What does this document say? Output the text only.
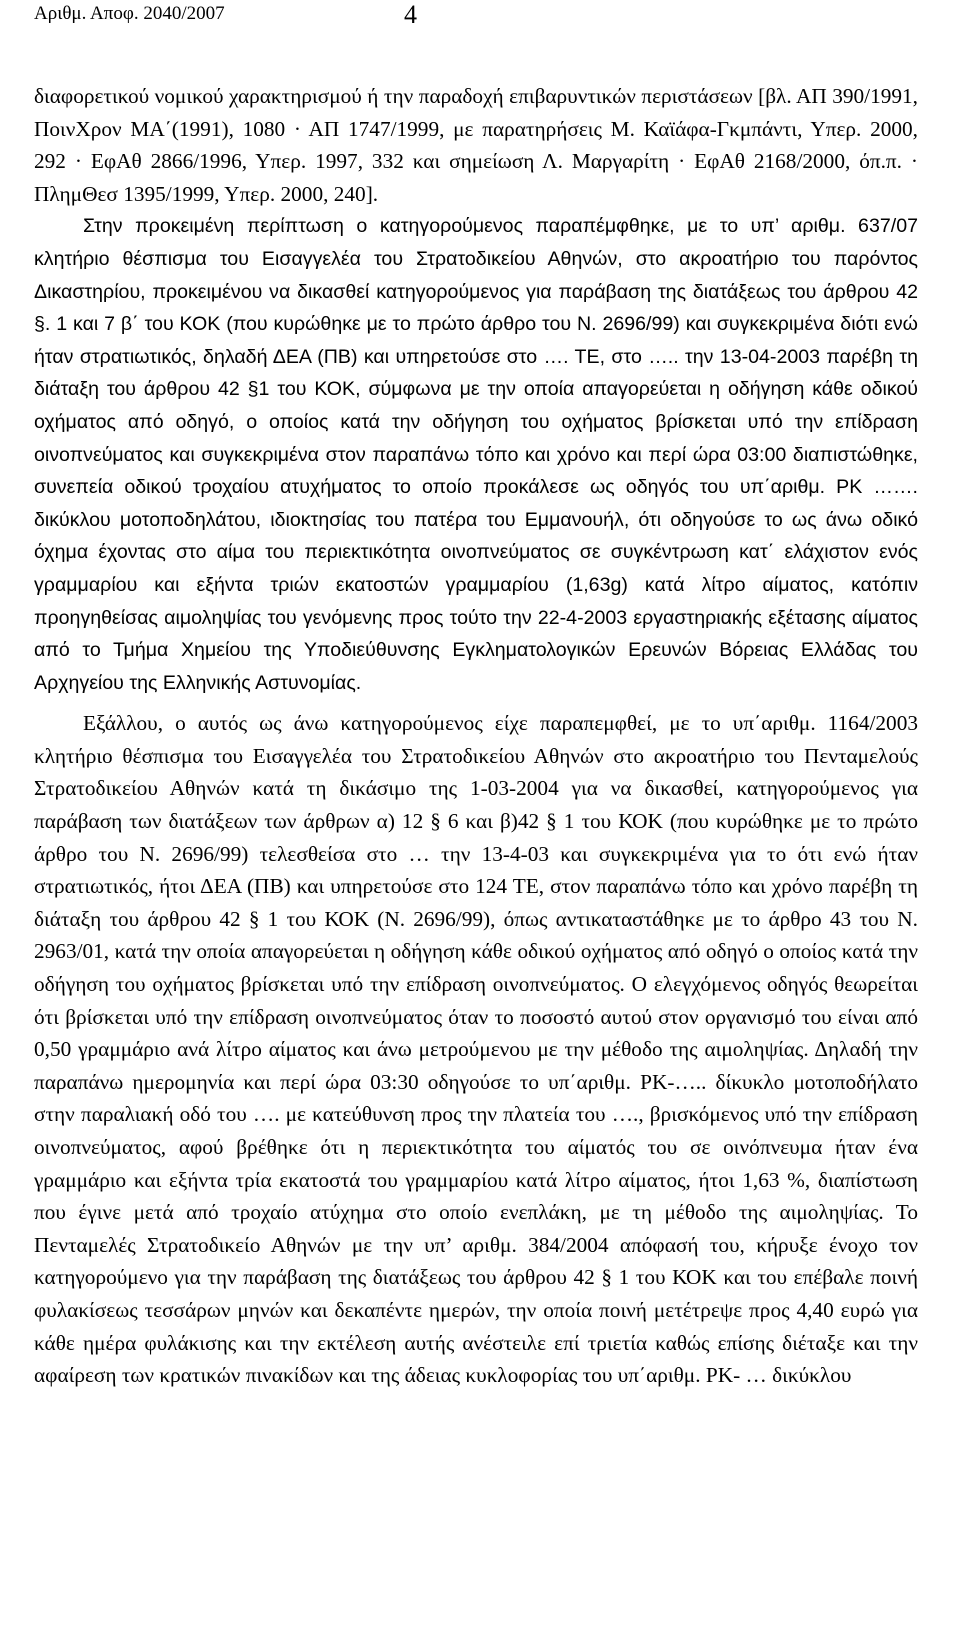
Αριθμ. Αποφ. 2040/2007	4

διαφορετικού νομικού χαρακτηρισμού ή την παραδοχή επιβαρυντικών περιστάσεων [βλ. ΑΠ 390/1991, ΠοινΧρον ΜΑ΄(1991), 1080 · ΑΠ 1747/1999, με παρατηρήσεις Μ. Καϊάφα-Γκμπάντι, Υπερ. 2000, 292 · ΕφΑθ 2866/1996, Υπερ. 1997, 332 και σημείωση Λ. Μαργαρίτη · ΕφΑθ 2168/2000, όπ.π. · ΠλημΘεσ 1395/1999, Υπερ. 2000, 240].

Στην προκειμένη περίπτωση ο κατηγορούμενος παραπέμφθηκε, με το υπ’ αριθμ. 637/07 κλητήριο θέσπισμα του Εισαγγελέα του Στρατοδικείου Αθηνών, στο ακροατήριο του παρόντος Δικαστηρίου, προκειμένου να δικασθεί κατηγορούμενος για παράβαση της διατάξεως του άρθρου 42 §. 1 και 7 β΄ του ΚΟΚ (που κυρώθηκε με το πρώτο άρθρο του Ν. 2696/99) και συγκεκριμένα διότι ενώ ήταν στρατιωτικός, δηλαδή ΔΕΑ (ΠΒ) και υπηρετούσε στο …. ΤΕ, στο ….. την 13-04-2003 παρέβη τη διάταξη του άρθρου 42 §1 του ΚΟΚ, σύμφωνα με την οποία απαγορεύεται η οδήγηση κάθε οδικού οχήματος από οδηγό, ο οποίος κατά την οδήγηση του οχήματος βρίσκεται υπό την επίδραση οινοπνεύματος και συγκεκριμένα στον παραπάνω τόπο και χρόνο και περί ώρα 03:00 διαπιστώθηκε, συνεπεία οδικού τροχαίου ατυχήματος το οποίο προκάλεσε ως οδηγός του υπ΄αριθμ. ΡΚ ……. δικύκλου μοτοποδηλάτου, ιδιοκτησίας του πατέρα του Εμμανουήλ, ότι οδηγούσε το ως άνω οδικό όχημα έχοντας στο αίμα του περιεκτικότητα οινοπνεύματος σε συγκέντρωση κατ΄ ελάχιστον ενός γραμμαρίου και εξήντα τριών εκατοστών γραμμαρίου (1,63g) κατά λίτρο αίματος, κατόπιν προηγηθείσας αιμοληψίας του γενόμενης προς τούτο την 22-4-2003 εργαστηριακής εξέτασης αίματος από το Τμήμα Χημείου της Υποδιεύθυνσης Εγκληματολογικών Ερευνών Βόρειας Ελλάδας του Αρχηγείου της Ελληνικής Αστυνομίας.

Εξάλλου, ο αυτός ως άνω κατηγορούμενος είχε παραπεμφθεί, με το υπ΄αριθμ. 1164/2003 κλητήριο θέσπισμα του Εισαγγελέα του Στρατοδικείου Αθηνών στο ακροατήριο του Πενταμελούς Στρατοδικείου Αθηνών κατά τη δικάσιμο της 1-03-2004 για να δικασθεί, κατηγορούμενος για παράβαση των διατάξεων των άρθρων α) 12 § 6 και β)42 § 1 του ΚΟΚ (που κυρώθηκε με το πρώτο άρθρο του Ν. 2696/99) τελεσθείσα στο … την 13-4-03 και συγκεκριμένα για το ότι ενώ ήταν στρατιωτικός, ήτοι ΔΕΑ (ΠΒ) και υπηρετούσε στο 124 ΤΕ, στον παραπάνω τόπο και χρόνο παρέβη τη διάταξη του άρθρου 42 § 1 του ΚΟΚ (Ν. 2696/99), όπως αντικαταστάθηκε με το άρθρο 43 του Ν. 2963/01, κατά την οποία απαγορεύεται η οδήγηση κάθε οδικού οχήματος από οδηγό ο οποίος κατά την οδήγηση του οχήματος βρίσκεται υπό την επίδραση οινοπνεύματος. Ο ελεγχόμενος οδηγός θεωρείται ότι βρίσκεται υπό την επίδραση οινοπνεύματος όταν το ποσοστό αυτού στον οργανισμό του είναι από 0,50 γραμμάριο ανά λίτρο αίματος και άνω μετρούμενου με την μέθοδο της αιμοληψίας. Δηλαδή την παραπάνω ημερομηνία και περί ώρα 03:30 οδηγούσε το υπ΄αριθμ. ΡΚ-….. δίκυκλο μοτοποδήλατο στην παραλιακή οδό του …. με κατεύθυνση προς την πλατεία του …., βρισκόμενος υπό την επίδραση οινοπνεύματος, αφού βρέθηκε ότι η περιεκτικότητα του αίματός του σε οινόπνευμα ήταν ένα γραμμάριο και εξήντα τρία εκατοστά του γραμμαρίου κατά λίτρο αίματος, ήτοι 1,63 %, διαπίστωση που έγινε μετά από τροχαίο ατύχημα στο οποίο ενεπλάκη, με τη μέθοδο της αιμοληψίας. Το Πενταμελές Στρατοδικείο Αθηνών με την υπ’ αριθμ. 384/2004 απόφασή του, κήρυξε ένοχο τον κατηγορούμενο για την παράβαση της διατάξεως του άρθρου 42 § 1 του ΚΟΚ και του επέβαλε ποινή φυλακίσεως τεσσάρων μηνών και δεκαπέντε ημερών, την οποία ποινή μετέτρεψε προς 4,40 ευρώ για κάθε ημέρα φυλάκισης και την εκτέλεση αυτής ανέστειλε επί τριετία καθώς επίσης διέταξε και την αφαίρεση των κρατικών πινακίδων και της άδειας κυκλοφορίας του υπ΄αριθμ. ΡΚ- … δικύκλου
